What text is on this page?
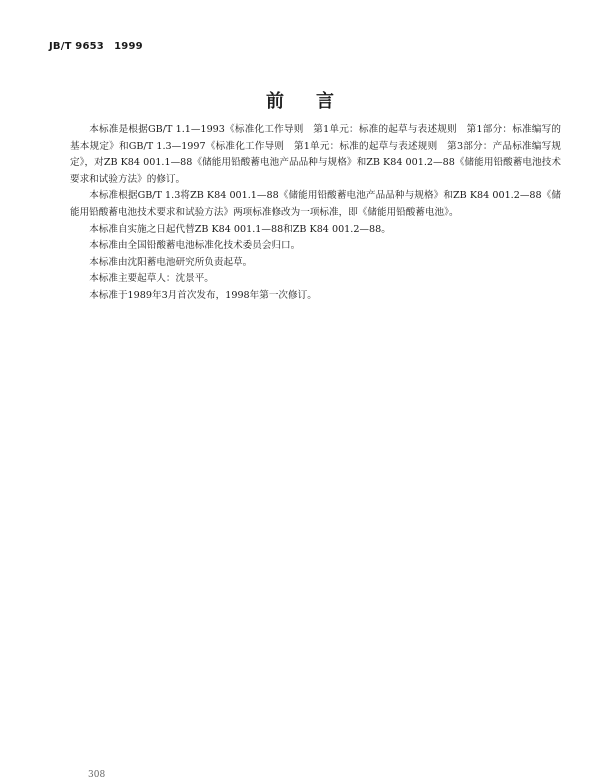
JB/T 9653　1999
前言

本标准是根据GB/T 1.1—1993《标准化工作导则　第1单元：标准的起草与表述规则　第1部分：标准编写的基本规定》和GB/T 1.3—1997《标准化工作导则　第1单元：标准的起草与表述规则　第3部分：产品标准编写规定》，对ZB K84 001.1—88《储能用铅酸蓄电池产品品种与规格》和ZB K84 001.2—88《储能用铅酸蓄电池技术要求和试验方法》的修订。

本标准根据GB/T 1.3将ZB K84 001.1—88《储能用铅酸蓄电池产品品种与规格》和ZB K84 001.2—88《储能用铅酸蓄电池技术要求和试验方法》两项标准修改为一项标准，即《储能用铅酸蓄电池》。

本标准自实施之日起代替ZB K84 001.1—88和ZB K84 001.2—88。

本标准由全国铅酸蓄电池标准化技术委员会归口。

本标准由沈阳蓄电池研究所负责起草。

本标准主要起草人：沈景平。

本标准于1989年3月首次发布，1998年第一次修订。

308
